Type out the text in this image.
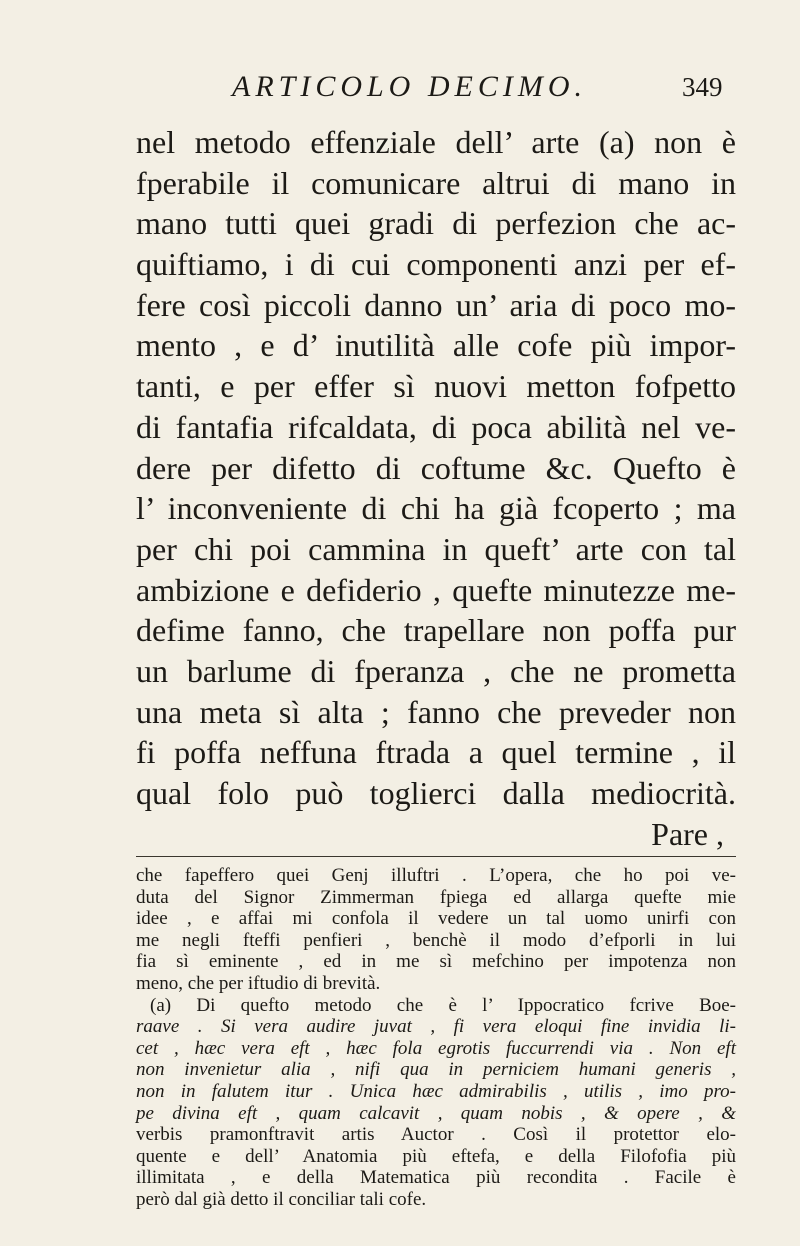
ARTICOLO DECIMO.	349
nel metodo effenziale dell’ arte (a) non è
fperabile il comunicare altrui di mano in
mano tutti quei gradi di perfezion che ac-
quiftiamo, i di cui componenti anzi per ef-
fere così piccoli danno un’ aria di poco mo-
mento , e d’ inutilità alle cofe più impor-
tanti, e per effer sì nuovi metton fofpetto
di fantafia rifcaldata, di poca abilità nel ve-
dere per difetto di coftume &c. Quefto è
l’ inconveniente di chi ha già fcoperto ; ma
per chi poi cammina in queft’ arte con tal
ambizione e defiderio , quefte minutezze me-
defime fanno, che trapellare non poffa pur
un barlume di fperanza , che ne prometta
una meta sì alta ; fanno che preveder non
fi poffa neffuna ftrada a quel termine , il
qual folo può toglierci dalla mediocrità.
Pare ,
che fapeffero quei Genj illuftri . L’opera, che ho poi ve-
duta del Signor Zimmerman fpiega ed allarga quefte mie
idee , e affai mi confola il vedere un tal uomo unirfi con
me negli fteffi penfieri , benchè il modo d’efporli in lui
fia sì eminente , ed in me sì mefchino per impotenza non
meno, che per iftudio di brevità.
(a) Di quefto metodo che è l’ Ippocratico fcrive Boe-
raave . Si vera audire juvat , fi vera eloqui fine invidia li-
cet , hæc vera eft , hæc fola egrotis fuccurrendi via . Non eft
non invenietur alia , nifi qua in perniciem humani generis ,
non in falutem itur . Unica hæc admirabilis , utilis , imo pro-
pe divina eft , quam calcavit , quam nobis , & opere , &
verbis pramonftravit artis Auctor . Così il protettor elo-
quente e dell’ Anatomia più eftefa, e della Filofofia più
illimitata , e della Matematica più recondita . Facile è
però dal già detto il conciliar tali cofe.
